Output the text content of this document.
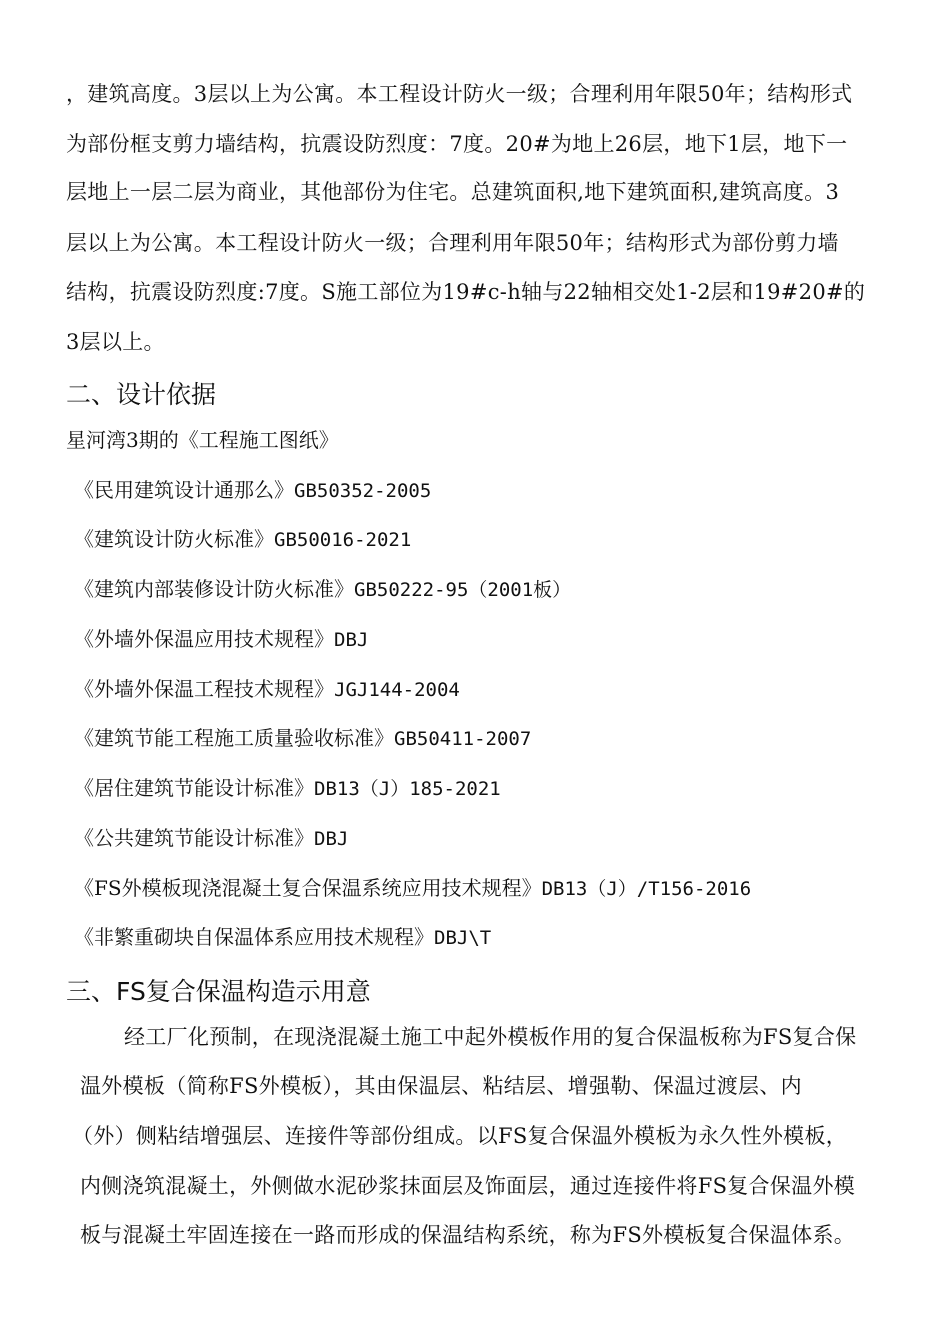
，建筑高度。3层以上为公寓。本工程设计防火一级；合理利用年限50年；结构形式
为部份框支剪力墙结构，抗震设防烈度：7度。20#为地上26层，地下1层，地下一
层地上一层二层为商业，其他部份为住宅。总建筑面积,地下建筑面积,建筑高度。3
层以上为公寓。本工程设计防火一级；合理利用年限50年；结构形式为部份剪力墙
结构，抗震设防烈度:7度。S施工部位为19#c-h轴与22轴相交处1-2层和19#20#的
3层以上。
二、设计依据
星河湾3期的《工程施工图纸》
《民用建筑设计通那么》GB50352-2005
《建筑设计防火标准》GB50016-2021
《建筑内部装修设计防火标准》GB50222-95（2001板）
《外墙外保温应用技术规程》DBJ
《外墙外保温工程技术规程》JGJ144-2004
《建筑节能工程施工质量验收标准》GB50411-2007
《居住建筑节能设计标准》DB13（J）185-2021
《公共建筑节能设计标准》DBJ
《FS外模板现浇混凝土复合保温系统应用技术规程》DB13（J）/T156-2016
《非繁重砌块自保温体系应用技术规程》DBJ\T
三、FS复合保温构造示用意
经工厂化预制，在现浇混凝土施工中起外模板作用的复合保温板称为FS复合保
温外模板（简称FS外模板），其由保温层、粘结层、增强勒、保温过渡层、内
（外）侧粘结增强层、连接件等部份组成。以FS复合保温外模板为永久性外模板，
内侧浇筑混凝土，外侧做水泥砂浆抹面层及饰面层，通过连接件将FS复合保温外模
板与混凝土牢固连接在一路而形成的保温结构系统，称为FS外模板复合保温体系。
